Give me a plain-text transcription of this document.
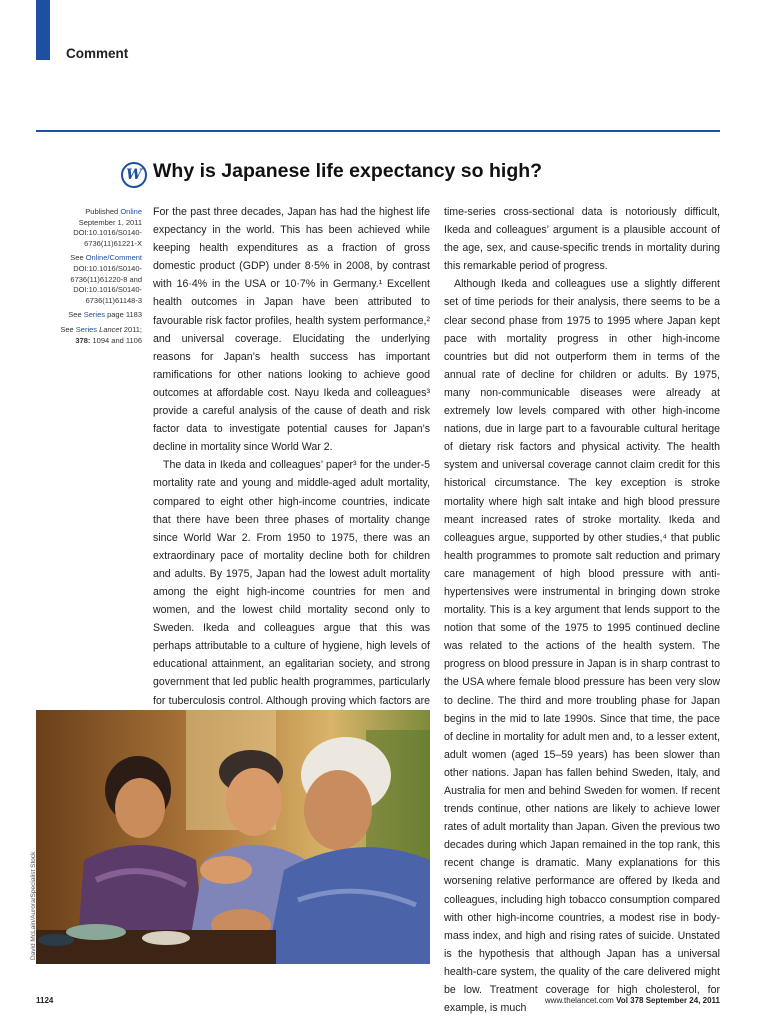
Comment
W Why is Japanese life expectancy so high?
Published Online
September 1, 2011
DOI:10.1016/S0140-6736(11)61221-X
See Online/Comment
DOI:10.1016/S0140-6736(11)61220-8 and DOI:10.1016/S0140-6736(11)61148-3
See Series page 1183
See Series Lancet 2011;
378: 1094 and 1106

For the past three decades, Japan has had the highest life expectancy in the world. This has been achieved while keeping health expenditures as a fraction of gross domestic product (GDP) under 8·5% in 2008, by contrast with 16·4% in the USA or 10·7% in Germany.¹ Excellent health outcomes in Japan have been attributed to favourable risk factor profiles, health system performance,² and universal coverage. Elucidating the underlying reasons for Japan’s health success has important ramifications for other nations looking to achieve good outcomes at affordable cost. Nayu Ikeda and colleagues³ provide a careful analysis of the cause of death and risk factor data to investigate potential causes for Japan’s decline in mortality since World War 2.

The data in Ikeda and colleagues’ paper³ for the under-5 mortality rate and young and middle-aged adult mortality, compared to eight other high-income countries, indicate that there have been three phases of mortality change since World War 2. From 1950 to 1975, there was an extraordinary pace of mortality decline both for children and adults. By 1975, Japan had the lowest adult mortality among the eight high-income countries for men and women, and the lowest child mortality second only to Sweden. Ikeda and colleagues argue that this was perhaps attributable to a culture of hygiene, high levels of educational attainment, an egalitarian society, and strong government that led public health programmes, particularly for tuberculosis control. Although proving which factors are

time-series cross-sectional data is notoriously difficult, Ikeda and colleagues’ argument is a plausible account of the age, sex, and cause-specific trends in mortality during this remarkable period of progress.

Although Ikeda and colleagues use a slightly different set of time periods for their analysis, there seems to be a clear second phase from 1975 to 1995 where Japan kept pace with mortality progress in other high-income countries but did not outperform them in terms of the annual rate of decline for children or adults. By 1975, many non-communicable diseases were already at extremely low levels compared with other high-income nations, due in large part to a favourable cultural heritage of dietary risk factors and physical activity. The health system and universal coverage cannot claim credit for this historical circumstance. The key exception is stroke mortality where high salt intake and high blood pressure meant increased rates of stroke mortality. Ikeda and colleagues argue, supported by other studies,⁴ that public health programmes to promote salt reduction and primary care management of high blood pressure with anti-hypertensives were instrumental in bringing down stroke mortality. This is a key argument that lends support to the notion that some of the 1975 to 1995 continued decline was related to the actions of the health system. The progress on blood pressure in Japan is in sharp contrast to the USA where female blood pressure has been very slow to decline. The third and more troubling phase for Japan begins in the mid to late 1990s. Since that time, the pace of decline in mortality for adult men and, to a lesser extent, adult women (aged 15–59 years) has been slower than other nations. Japan has fallen behind Sweden, Italy, and Australia for men and behind Sweden for women. If recent trends continue, other nations are likely to achieve lower rates of adult mortality than Japan. Given the previous two decades during which Japan remained in the top rank, this recent change is dramatic. Many explanations for this worsening relative performance are offered by Ikeda and colleagues, including high tobacco consumption compared with other high-income countries, a modest rise in body-mass index, and high and rising rates of suicide. Unstated is the hypothesis that although Japan has a universal health-care system, the quality of the care delivered might be low. Treatment coverage for high cholesterol, for example, is much

David McLain/Aurora/Specialist Stock
1124	www.thelancet.com Vol 378 September 24, 2011
